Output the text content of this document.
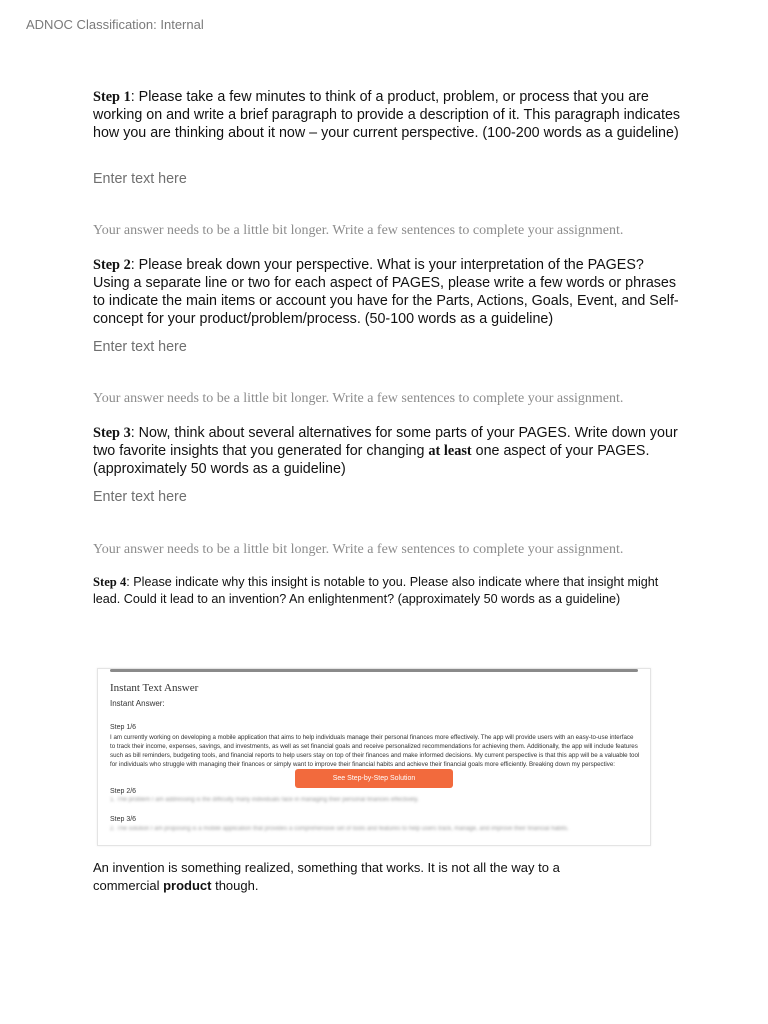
ADNOC Classification: Internal
Step 1: Please take a few minutes to think of a product, problem, or process that you are working on and write a brief paragraph to provide a description of it. This paragraph indicates how you are thinking about it now – your current perspective. (100-200 words as a guideline)
Enter text here
Your answer needs to be a little bit longer. Write a few sentences to complete your assignment.
Step 2: Please break down your perspective. What is your interpretation of the PAGES? Using a separate line or two for each aspect of PAGES, please write a few words or phrases to indicate the main items or account you have for the Parts, Actions, Goals, Event, and Self-concept for your product/problem/process. (50-100 words as a guideline)
Enter text here
Your answer needs to be a little bit longer. Write a few sentences to complete your assignment.
Step 3: Now, think about several alternatives for some parts of your PAGES. Write down your two favorite insights that you generated for changing at least one aspect of your PAGES. (approximately 50 words as a guideline)
Enter text here
Your answer needs to be a little bit longer. Write a few sentences to complete your assignment.
Step 4: Please indicate why this insight is notable to you. Please also indicate where that insight might lead. Could it lead to an invention? An enlightenment? (approximately 50 words as a guideline)
Instant Text Answer
Instant Answer:
Step 1/6
I am currently working on developing a mobile application that aims to help individuals manage their personal finances more effectively. The app will provide users with an easy-to-use interface to track their income, expenses, savings, and investments, as well as set financial goals and receive personalized recommendations for achieving them. Additionally, the app will include features such as bill reminders, budgeting tools, and financial reports to help users stay on top of their finances and make informed decisions. My current perspective is that this app will be a valuable tool for individuals who struggle with managing their finances or simply want to improve their financial habits and achieve their financial goals more efficiently. Breaking down my perspective:
See Step-by-Step Solution
Step 2/6
1. The problem I am addressing is the difficulty many individuals face in managing their personal finances effectively.
Step 3/6
2. The solution I am proposing is a mobile application that provides a comprehensive set of tools and features to help users track, manage, and improve their financial habits.
An invention is something realized, something that works. It is not all the way to a commercial product though.
